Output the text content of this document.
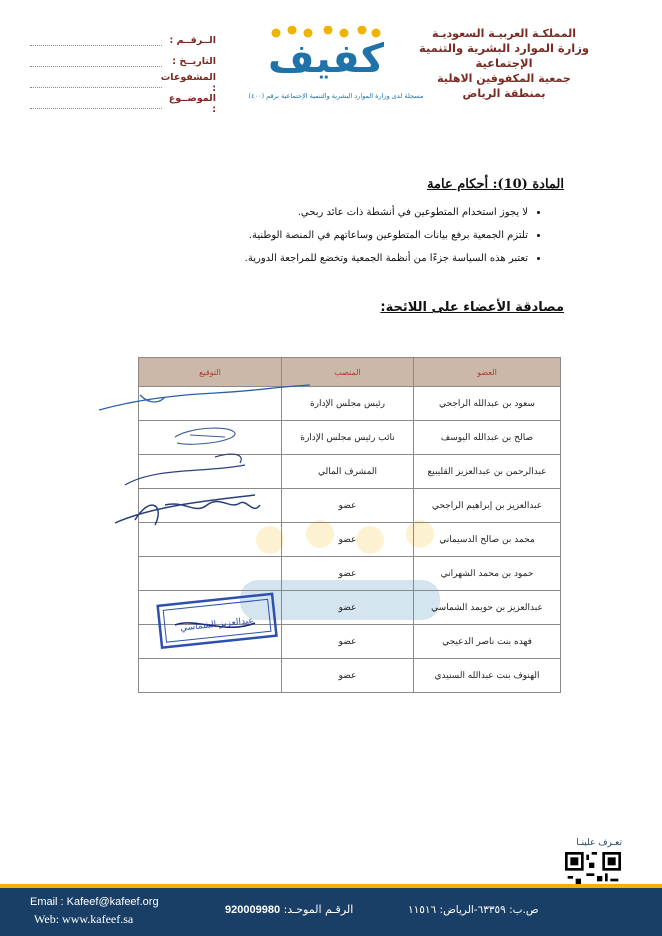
المملكـة العربيـة السعوديـة
وزارة الموارد البشرية والتنمية الإجتماعية
جمعية المكفوفين الاهلية
بمنطقة الرياض
كفيف
مسجلة لدى وزارة الموارد البشرية والتنمية الإجتماعية برقم (٤٠٠)
الــرقــم :
التاريــخ :
المشفوعات :
الموضــوع :
المادة (10): أحكام عامة
• لا يجوز استخدام المتطوعين في أنشطة ذات عائد ربحي.
• تلتزم الجمعية برفع بيانات المتطوعين وساعاتهم في المنصة الوطنية.
• تعتبر هذه السياسة جزءًا من أنظمة الجمعية وتخضع للمراجعة الدورية.
مصادقة الأعضاء على اللائحة:
العضو	المنصب	التوقيع
سعود بن عبدالله الراجحي	رئيس مجلس الإدارة	
صالح بن عبدالله اليوسف	نائب رئيس مجلس الإدارة	
عبدالرحمن بن عبدالعزيز القليبيع	المشرف المالي	
عبدالعزيز بن إبراهيم الراجحي	عضو	
محمد بن صالح الدسيماني	عضو	
حمود بن محمد الشهراني	عضو	
عبدالعزيز بن حويمد الشماسي	عضو	
فهده بنت ناصر الدعيجي	عضو	
الهنوف بنت عبدالله السنيدي	عضو	
عبدالعزيز الشماسي
تعـرف علينـا
Email : Kafeef@kafeef.org
Web: www.kafeef.sa
الرقـم الموحـد: 920009980	ص.ب: ٦٣٣٥٩-الرياض: ١١٥١٦
